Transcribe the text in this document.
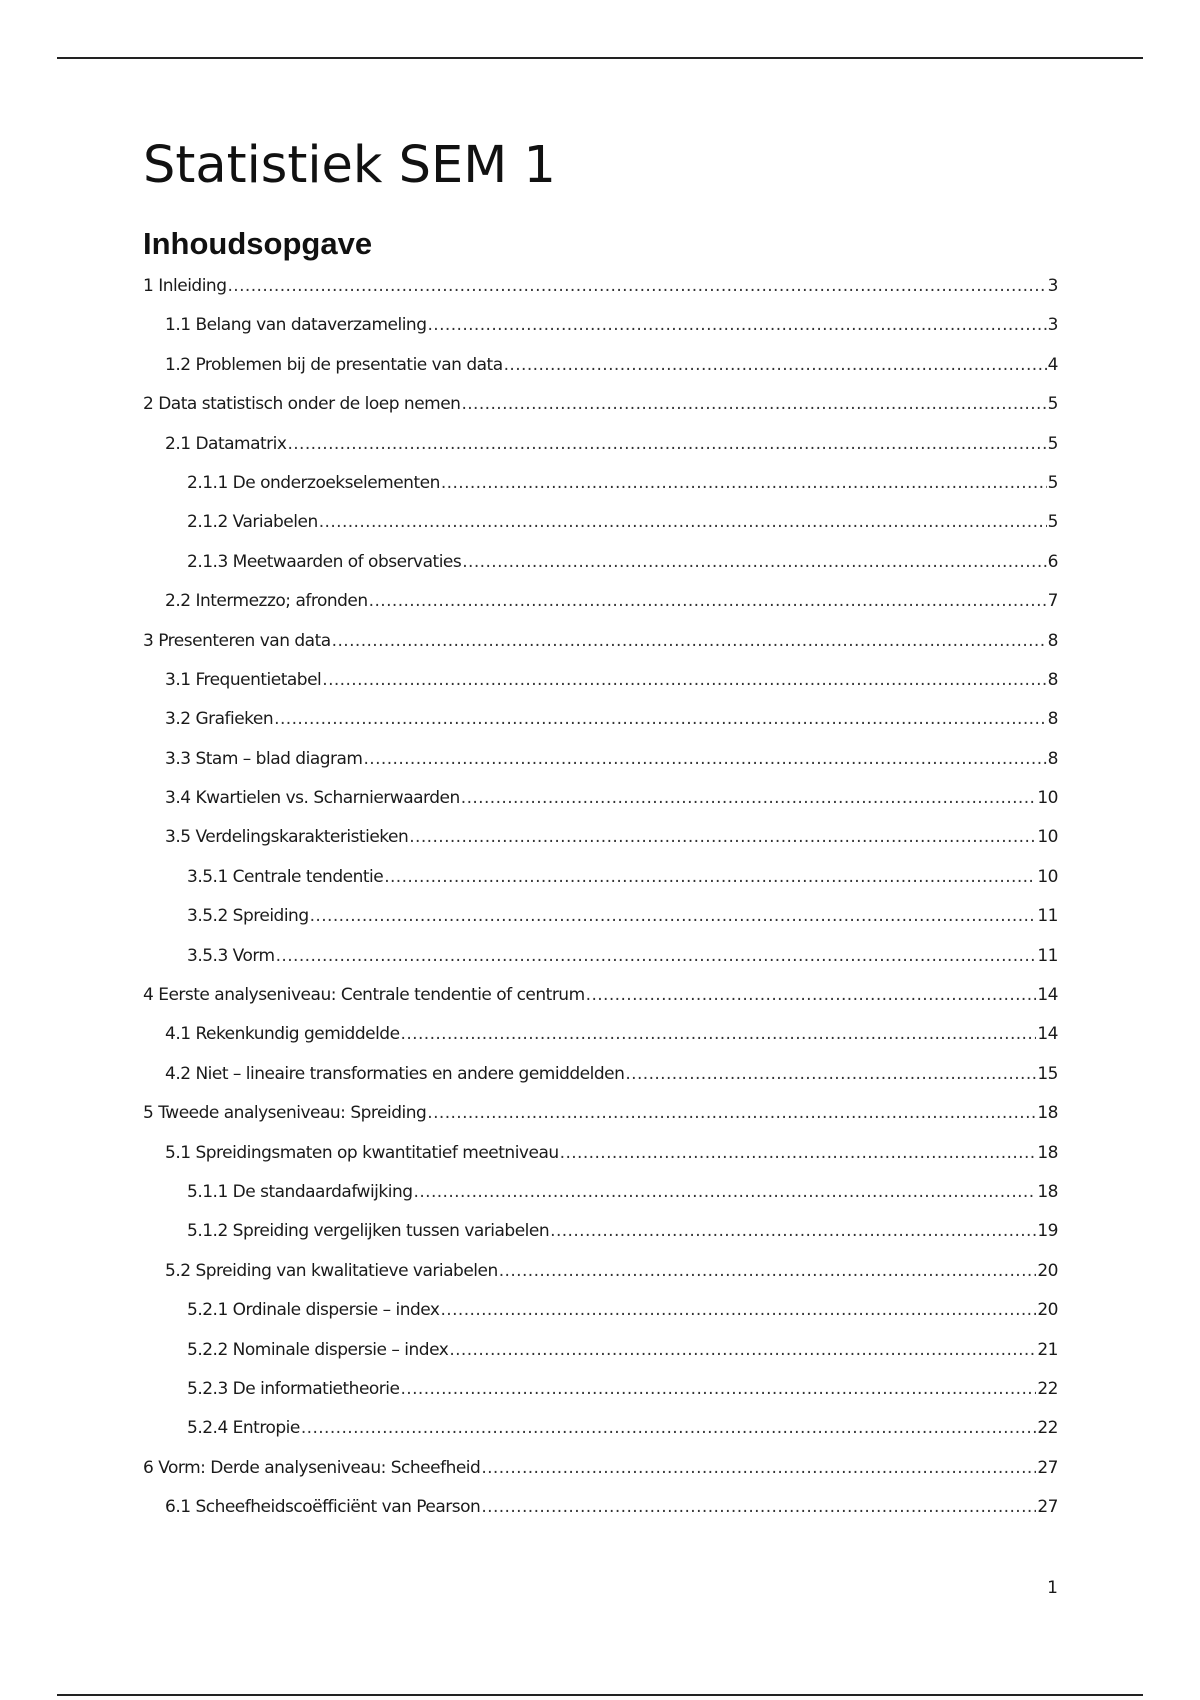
Statistiek SEM 1
Inhoudsopgave
1 Inleiding .....	3
1.1 Belang van dataverzameling .....	3
1.2 Problemen bij de presentatie van data .....	4
2 Data statistisch onder de loep nemen .....	5
2.1 Datamatrix .....	5
2.1.1 De onderzoekselementen .....	5
2.1.2 Variabelen .....	5
2.1.3 Meetwaarden of observaties .....	6
2.2 Intermezzo; afronden .....	7
3 Presenteren van data .....	8
3.1 Frequentietabel .....	8
3.2 Grafieken .....	8
3.3 Stam – blad diagram .....	8
3.4 Kwartielen vs. Scharnierwaarden .....	10
3.5 Verdelingskarakteristieken .....	10
3.5.1 Centrale tendentie .....	10
3.5.2 Spreiding .....	11
3.5.3 Vorm .....	11
4 Eerste analyseniveau: Centrale tendentie of centrum .....	14
4.1 Rekenkundig gemiddelde .....	14
4.2 Niet – lineaire transformaties en andere gemiddelden .....	15
5 Tweede analyseniveau: Spreiding .....	18
5.1 Spreidingsmaten op kwantitatief meetniveau .....	18
5.1.1 De standaardafwijking .....	18
5.1.2 Spreiding vergelijken tussen variabelen .....	19
5.2 Spreiding van kwalitatieve variabelen .....	20
5.2.1 Ordinale dispersie – index .....	20
5.2.2 Nominale dispersie – index .....	21
5.2.3 De informatietheorie .....	22
5.2.4 Entropie .....	22
6 Vorm: Derde analyseniveau: Scheefheid .....	27
6.1 Scheefheidscoëfficiënt van Pearson .....	27
1
